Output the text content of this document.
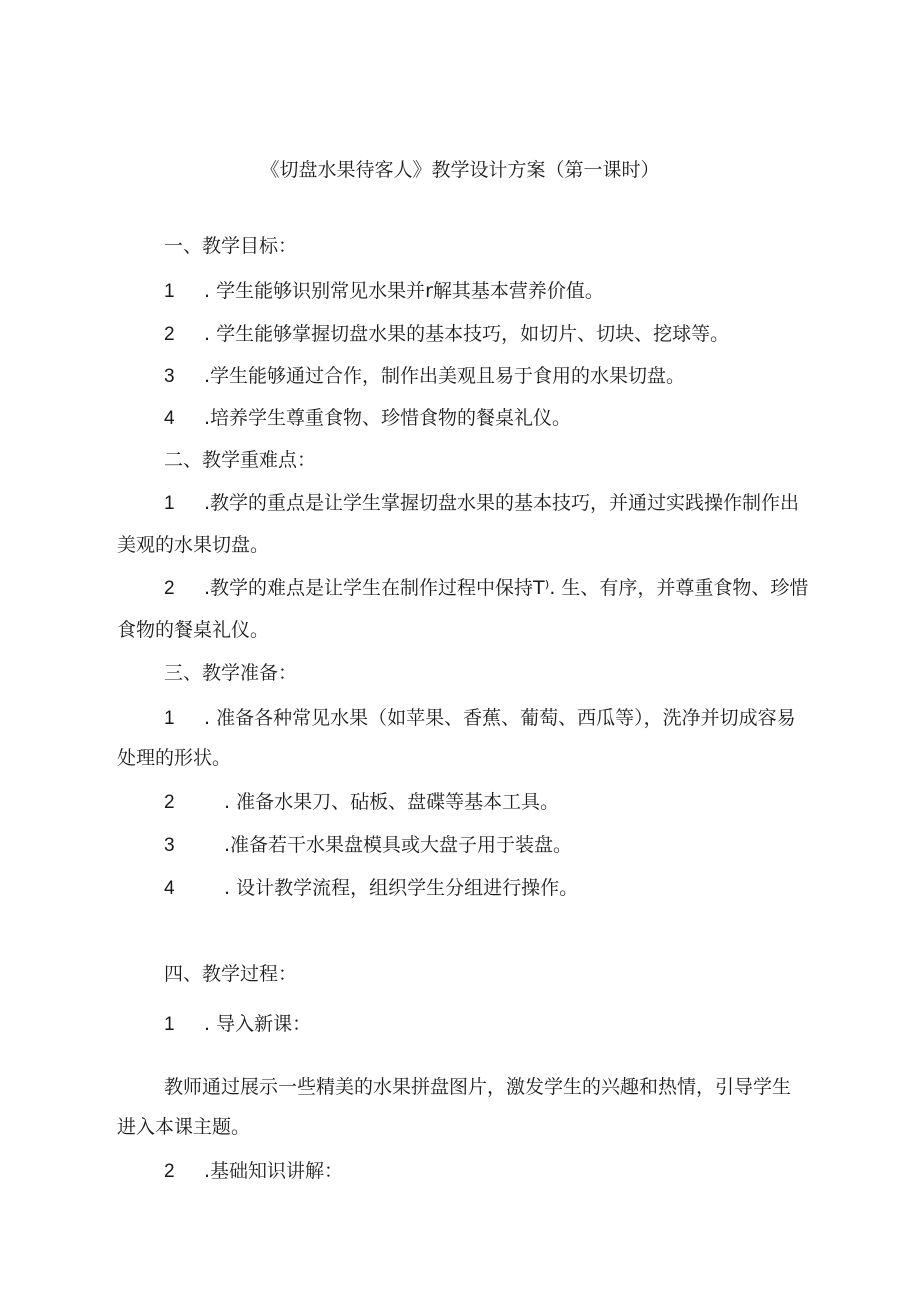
《切盘水果待客人》教学设计方案（第一课时）
一、教学目标：
1 . 学生能够识别常见水果并r解其基本营养价值。
2 . 学生能够掌握切盘水果的基本技巧，如切片、切块、挖球等。
3 .学生能够通过合作，制作出美观且易于食用的水果切盘。
4 .培养学生尊重食物、珍惜食物的餐桌礼仪。
二、教学重难点：
1 .教学的重点是让学生掌握切盘水果的基本技巧，并通过实践操作制作出
美观的水果切盘。
2 .教学的难点是让学生在制作过程中保持T⁾. 生、有序，并尊重食物、珍惜
食物的餐桌礼仪。
三、教学准备：
1 . 准备各种常见水果（如苹果、香蕉、葡萄、西瓜等），洗净并切成容易
处理的形状。
2	. 准备水果刀、砧板、盘碟等基本工具。
3	.准备若干水果盘模具或大盘子用于装盘。
4	. 设计教学流程，组织学生分组进行操作。
四、教学过程：
1 . 导入新课：
教师通过展示一些精美的水果拼盘图片，激发学生的兴趣和热情，引导学生
进入本课主题。
2 .基础知识讲解：
